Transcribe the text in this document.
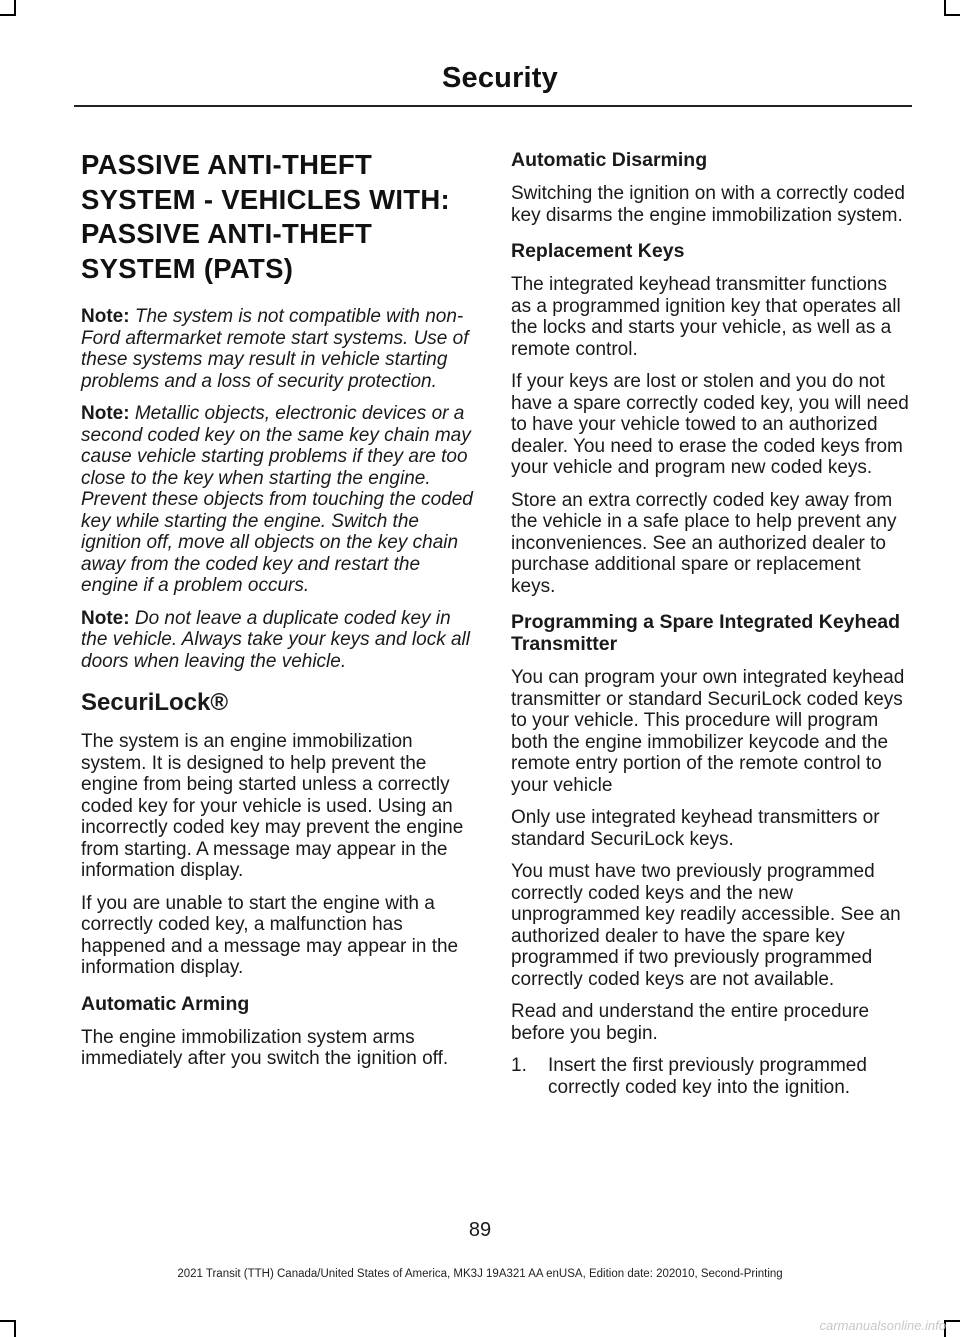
Security
PASSIVE ANTI-THEFT SYSTEM - VEHICLES WITH: PASSIVE ANTI-THEFT SYSTEM (PATS)

Note: The system is not compatible with non-Ford aftermarket remote start systems. Use of these systems may result in vehicle starting problems and a loss of security protection.

Note: Metallic objects, electronic devices or a second coded key on the same key chain may cause vehicle starting problems if they are too close to the key when starting the engine. Prevent these objects from touching the coded key while starting the engine. Switch the ignition off, move all objects on the key chain away from the coded key and restart the engine if a problem occurs.

Note: Do not leave a duplicate coded key in the vehicle. Always take your keys and lock all doors when leaving the vehicle.

SecuriLock®

The system is an engine immobilization system. It is designed to help prevent the engine from being started unless a correctly coded key for your vehicle is used. Using an incorrectly coded key may prevent the engine from starting. A message may appear in the information display.

If you are unable to start the engine with a correctly coded key, a malfunction has happened and a message may appear in the information display.

Automatic Arming

The engine immobilization system arms immediately after you switch the ignition off.

Automatic Disarming

Switching the ignition on with a correctly coded key disarms the engine immobilization system.

Replacement Keys

The integrated keyhead transmitter functions as a programmed ignition key that operates all the locks and starts your vehicle, as well as a remote control.

If your keys are lost or stolen and you do not have a spare correctly coded key, you will need to have your vehicle towed to an authorized dealer. You need to erase the coded keys from your vehicle and program new coded keys.

Store an extra correctly coded key away from the vehicle in a safe place to help prevent any inconveniences. See an authorized dealer to purchase additional spare or replacement keys.

Programming a Spare Integrated Keyhead Transmitter

You can program your own integrated keyhead transmitter or standard SecuriLock coded keys to your vehicle. This procedure will program both the engine immobilizer keycode and the remote entry portion of the remote control to your vehicle

Only use integrated keyhead transmitters or standard SecuriLock keys.

You must have two previously programmed correctly coded keys and the new unprogrammed key readily accessible. See an authorized dealer to have the spare key programmed if two previously programmed correctly coded keys are not available.

Read and understand the entire procedure before you begin.

1.	Insert the first previously programmed correctly coded key into the ignition.
89
2021 Transit (TTH) Canada/United States of America, MK3J 19A321 AA enUSA, Edition date: 202010, Second-Printing
carmanualsonline.info
